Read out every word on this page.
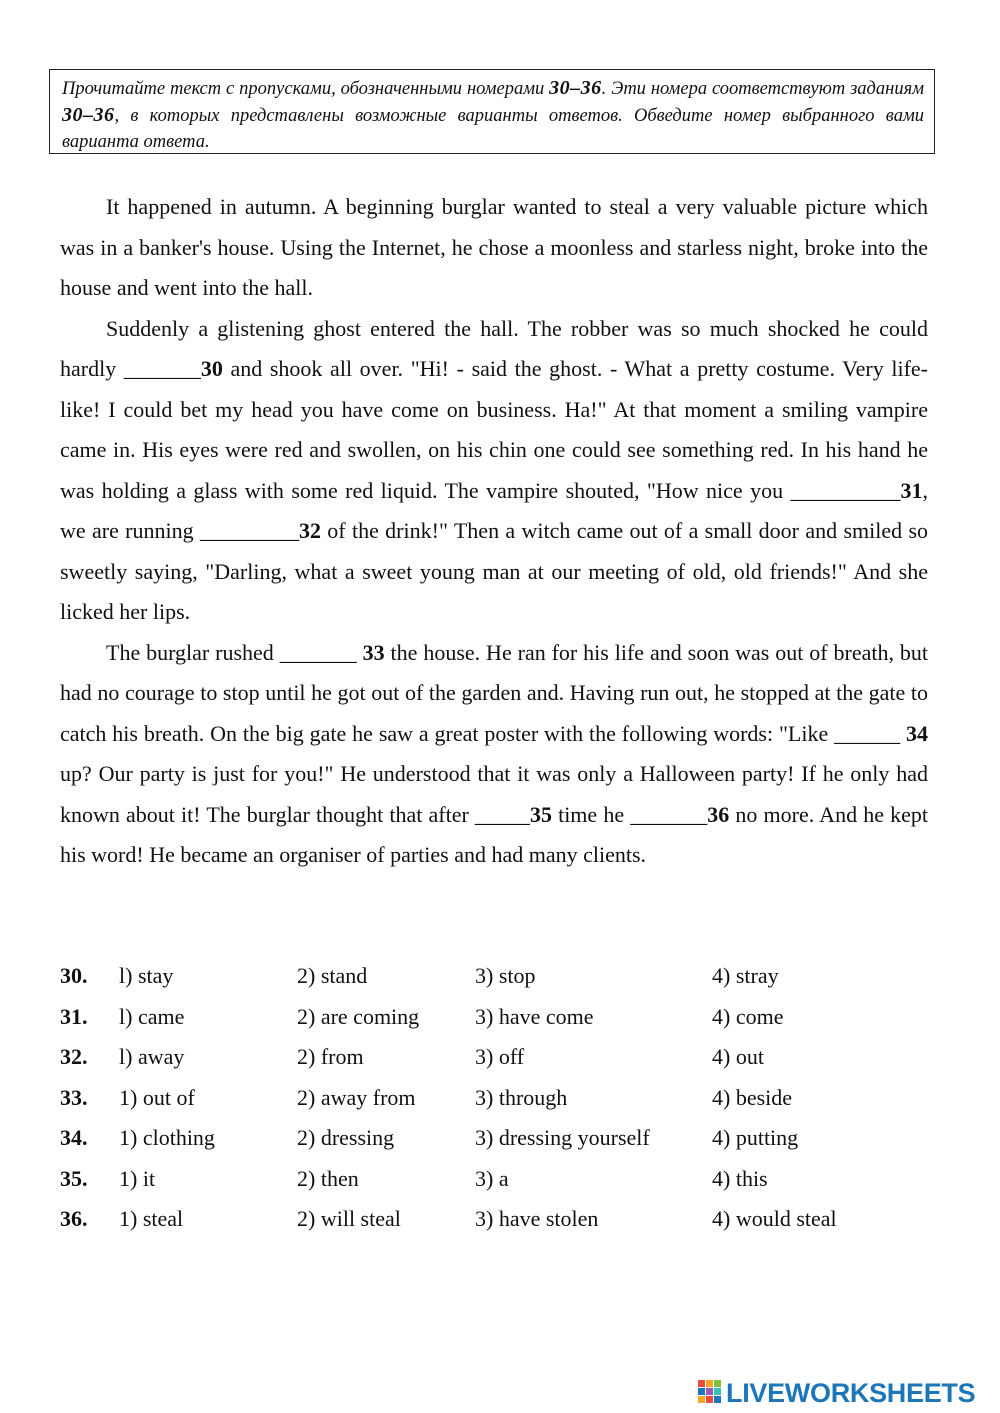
Прочитайте текст с пропусками, обозначенными номерами 30–36. Эти номера соответствуют заданиям 30–36, в которых представлены возможные варианты ответов. Обведите номер выбранного вами варианта ответа.

It happened in autumn. A beginning burglar wanted to steal a very valuable picture which was in a banker's house. Using the Internet, he chose a moonless and starless night, broke into the house and went into the hall.

Suddenly a glistening ghost entered the hall. The robber was so much shocked he could hardly _______30 and shook all over. "Hi! - said the ghost. - What a pretty costume. Very life-like! I could bet my head you have come on business. Ha!" At that moment a smiling vampire came in. His eyes were red and swollen, on his chin one could see something red. In his hand he was holding a glass with some red liquid. The vampire shouted, "How nice you __________31, we are running _________32 of the drink!" Then a witch came out of a small door and smiled so sweetly saying, "Darling, what a sweet young man at our meeting of old, old friends!" And she licked her lips.

The burglar rushed _______ 33 the house. He ran for his life and soon was out of breath, but had no courage to stop until he got out of the garden and. Having run out, he stopped at the gate to catch his breath. On the big gate he saw a great poster with the following words: "Like ______ 34 up? Our party is just for you!" He understood that it was only a Halloween party! If he only had known about it! The burglar thought that after _____35 time he _______36 no more. And he kept his word! He became an organiser of parties and had many clients.

30. l) stay	2) stand	3) stop	4) stray
31. l) came	2) are coming	3) have come	4) come
32. l) away	2) from	3) off	4) out
33. 1) out of	2) away from	3) through	4) beside
34. 1) clothing	2) dressing	3) dressing yourself	4) putting
35. 1) it	2) then	3) a	4) this
36. 1) steal	2) will steal	3) have stolen	4) would steal
LIVEWORKSHEETS
